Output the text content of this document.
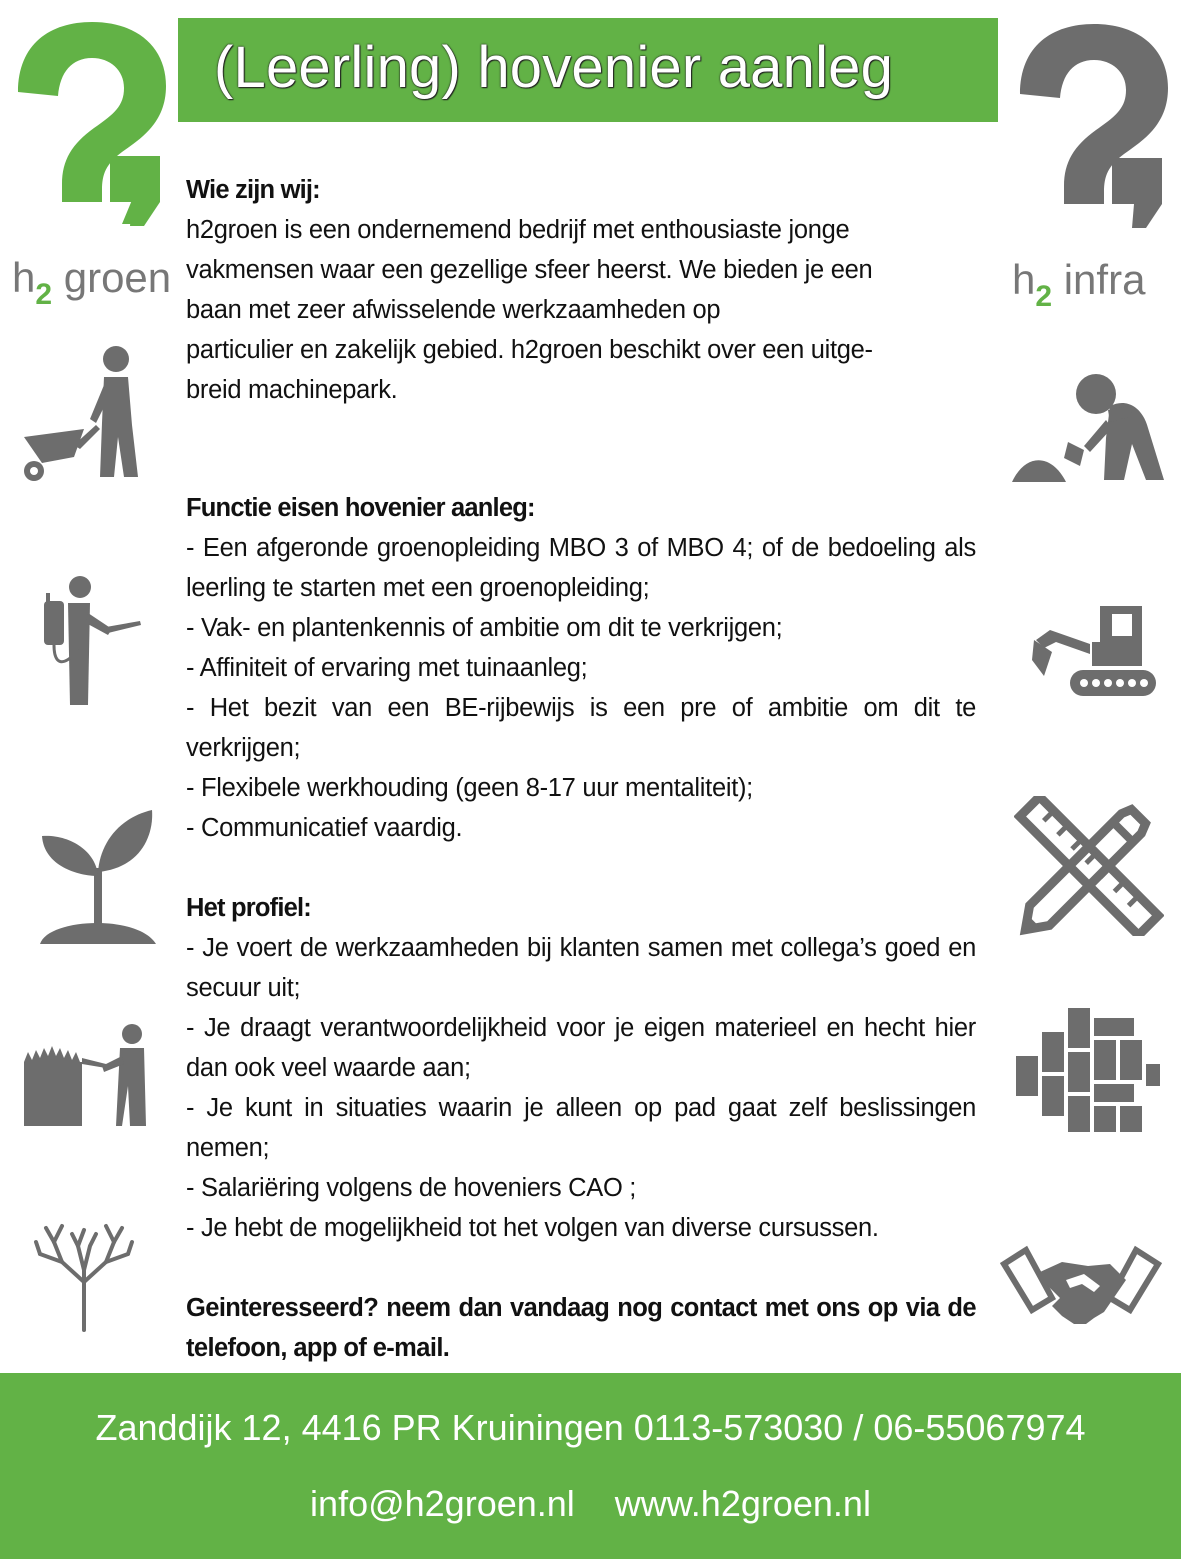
(Leerling) hovenier aanleg
$h_2$ groen	$h_2$ infra
Wie zijn wij:
h2groen is een ondernemend bedrijf met enthousiaste jonge
vakmensen waar een gezellige sfeer heerst. We bieden je een
baan met zeer afwisselende werkzaamheden op
particulier en zakelijk gebied. h2groen beschikt over een uitge-
breid machinepark.
Functie eisen hovenier aanleg:
- Een afgeronde groenopleiding MBO 3 of MBO 4; of de bedoeling als leerling te starten met een groenopleiding;
- Vak- en plantenkennis of ambitie om dit te verkrijgen;
- Affiniteit of ervaring met tuinaanleg;
- Het bezit van een BE-rijbewijs is een pre of ambitie om dit te verkrijgen;
- Flexibele werkhouding (geen 8-17 uur mentaliteit);
- Communicatief vaardig.
Het profiel:
- Je voert de werkzaamheden bij klanten samen met collega’s goed en secuur uit;
- Je draagt verantwoordelijkheid voor je eigen materieel en hecht hier dan ook veel waarde aan;
- Je kunt in situaties waarin je alleen op pad gaat zelf beslissingen nemen;
- Salariëring volgens de hoveniers CAO ;
- Je hebt de mogelijkheid tot het volgen van diverse cursussen.
Geinteresseerd? neem dan vandaag nog contact met ons op via de telefoon, app of e-mail.
Zanddijk 12, 4416 PR Kruiningen 0113-573030 / 06-55067974
info@h2groen.nl www.h2groen.nl
